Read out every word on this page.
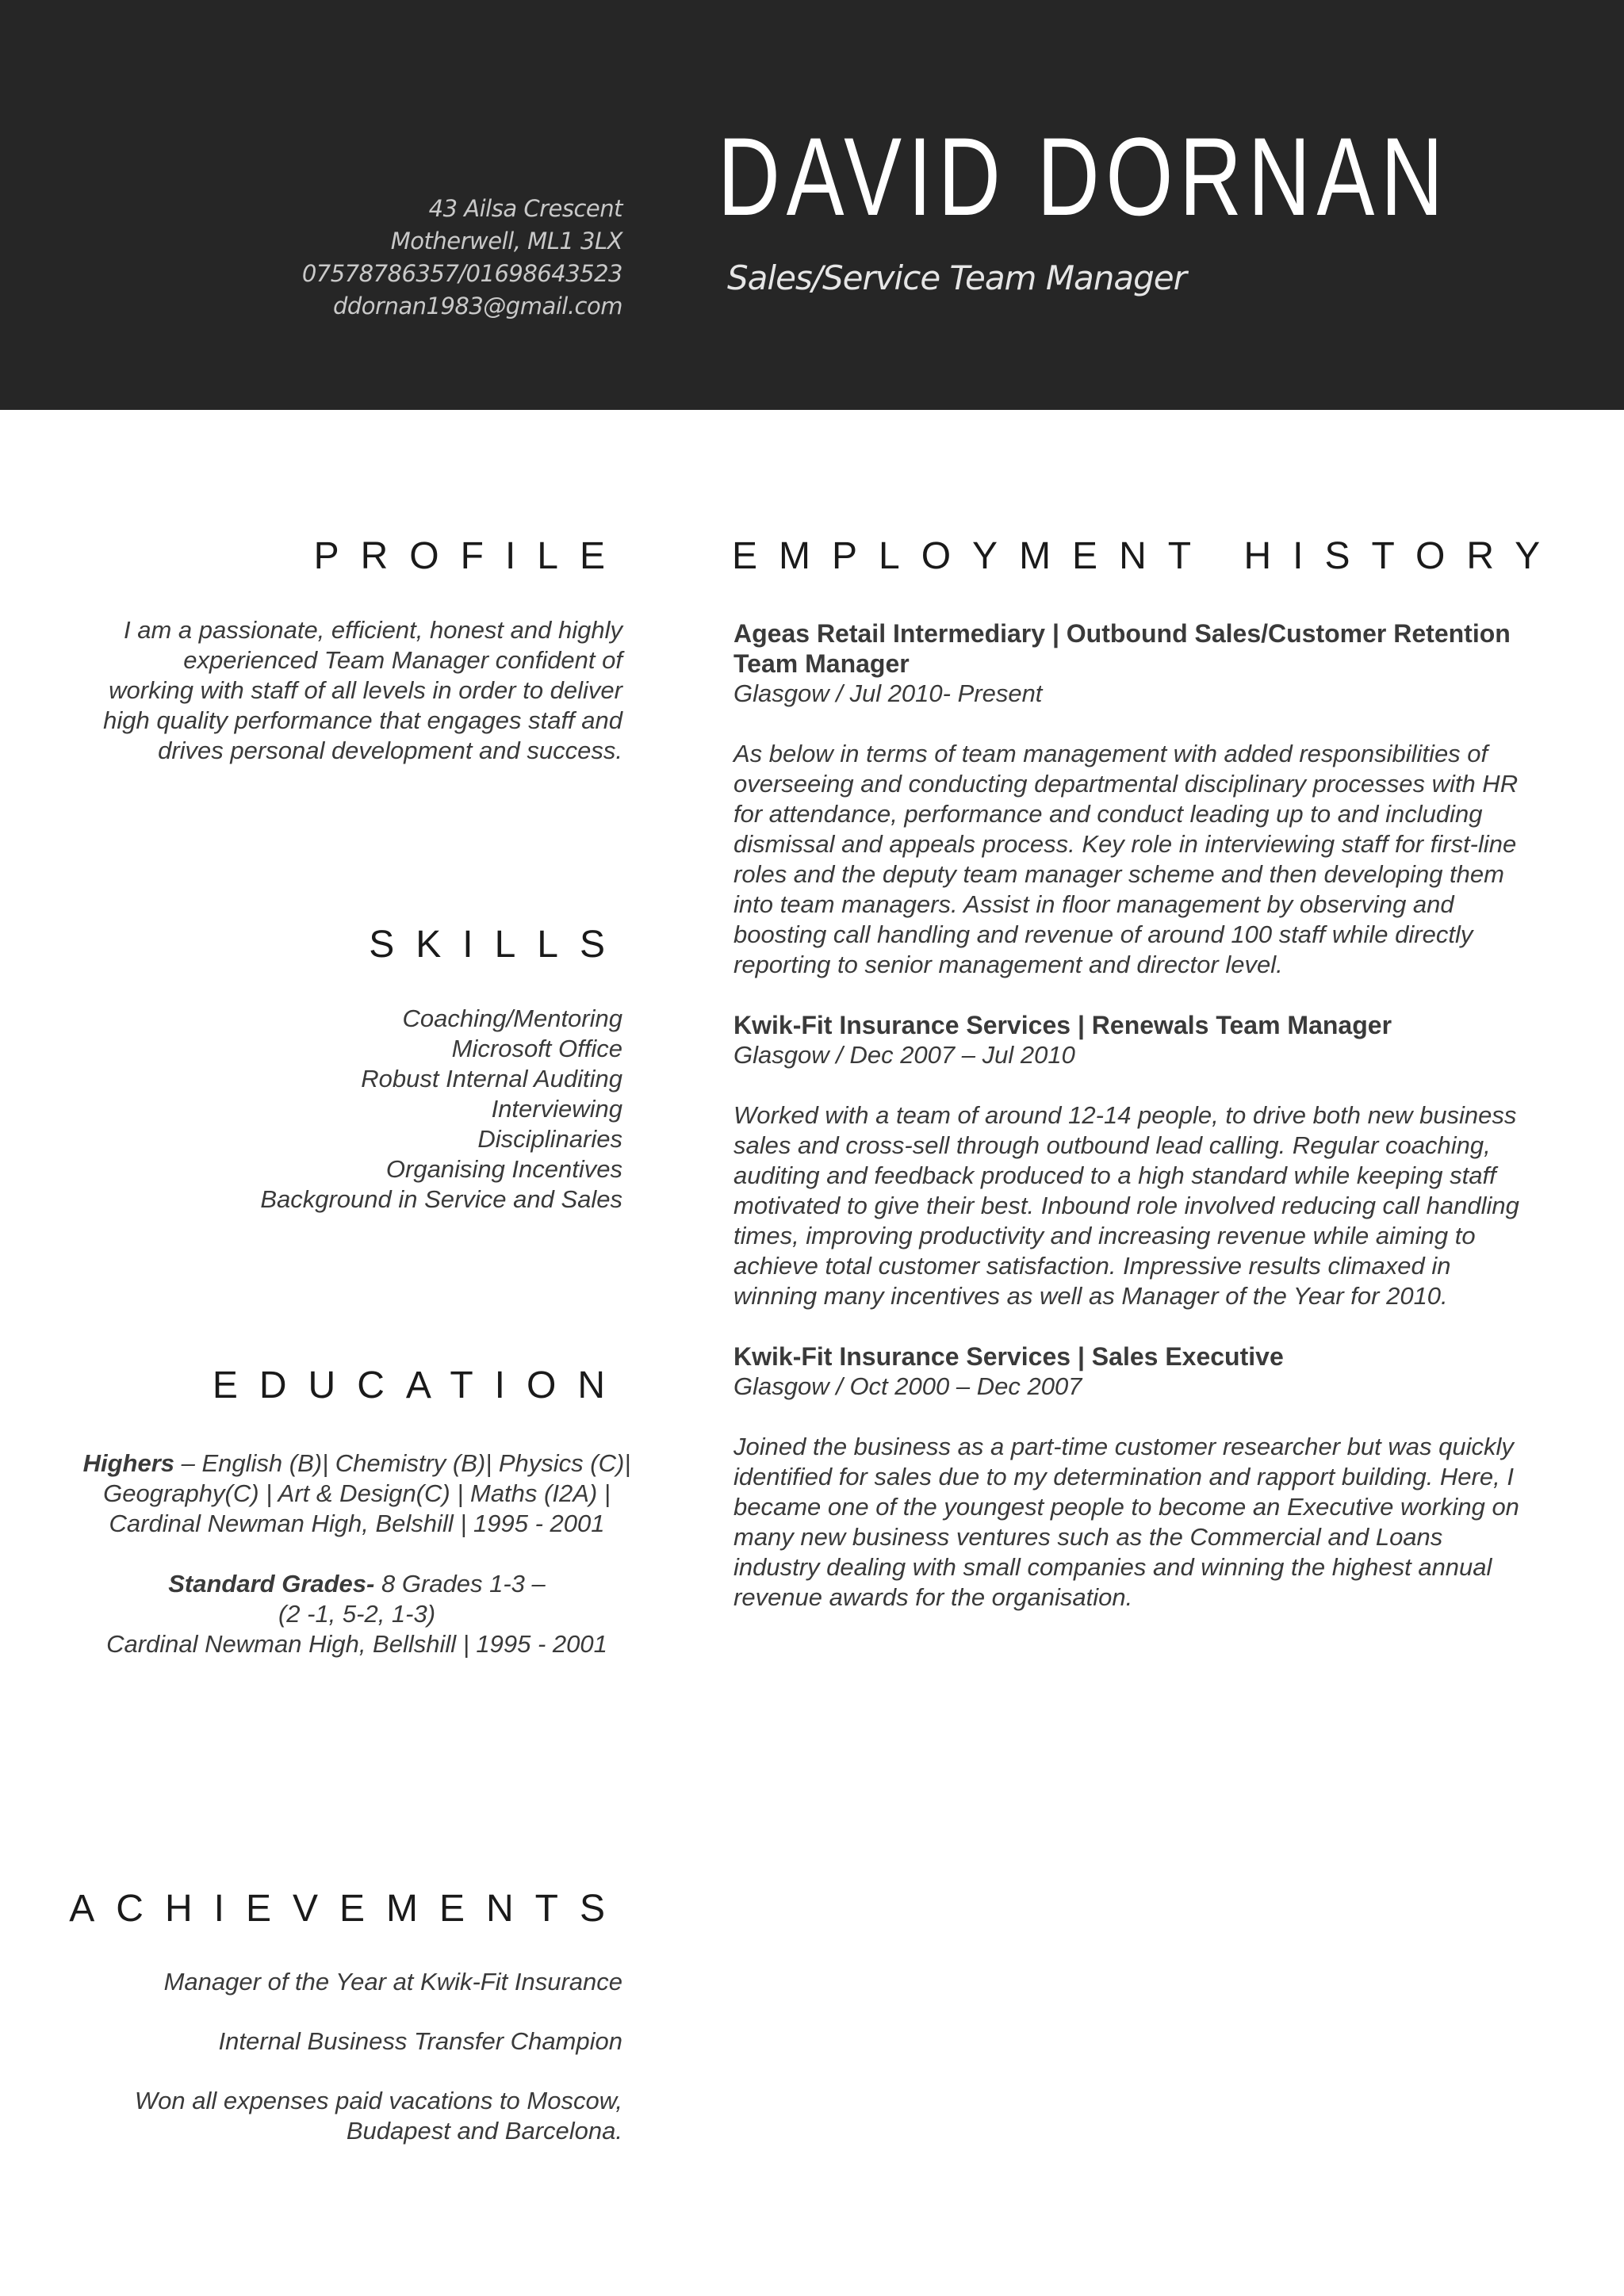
43 Ailsa Crescent
Motherwell, ML1 3LX
07578786357/01698643523
ddornan1983@gmail.com
DAVID DORNAN
Sales/Service Team Manager
PROFILE
I am a passionate, efficient, honest and highly experienced Team Manager confident of working with staff of all levels in order to deliver high quality performance that engages staff and drives personal development and success.
SKILLS
Coaching/Mentoring
Microsoft Office
Robust Internal Auditing
Interviewing
Disciplinaries
Organising Incentives
Background in Service and Sales
EDUCATION
Highers – English (B)| Chemistry (B)| Physics (C)| Geography(C) | Art & Design(C) | Maths (I2A) |
Cardinal Newman High, Belshill | 1995 - 2001
Standard Grades- 8 Grades 1-3 –
(2 -1, 5-2, 1-3)
Cardinal Newman High, Bellshill | 1995 - 2001
ACHIEVEMENTS
Manager of the Year at Kwik-Fit Insurance
Internal Business Transfer Champion
Won all expenses paid vacations to Moscow, Budapest and Barcelona.
EMPLOYMENT HISTORY
Ageas Retail Intermediary | Outbound Sales/Customer Retention Team Manager
Glasgow / Jul 2010- Present
As below in terms of team management with added responsibilities of overseeing and conducting departmental disciplinary processes with HR for attendance, performance and conduct leading up to and including dismissal and appeals process. Key role in interviewing staff for first-line roles and the deputy team manager scheme and then developing them into team managers. Assist in floor management by observing and boosting call handling and revenue of around 100 staff while directly reporting to senior management and director level.
Kwik-Fit Insurance Services | Renewals Team Manager
Glasgow / Dec 2007 – Jul 2010
Worked with a team of around 12-14 people, to drive both new business sales and cross-sell through outbound lead calling. Regular coaching, auditing and feedback produced to a high standard while keeping staff motivated to give their best. Inbound role involved reducing call handling times, improving productivity and increasing revenue while aiming to achieve total customer satisfaction. Impressive results climaxed in winning many incentives as well as Manager of the Year for 2010.
Kwik-Fit Insurance Services | Sales Executive
Glasgow / Oct 2000 – Dec 2007
Joined the business as a part-time customer researcher but was quickly identified for sales due to my determination and rapport building. Here, I became one of the youngest people to become an Executive working on many new business ventures such as the Commercial and Loans industry dealing with small companies and winning the highest annual revenue awards for the organisation.
